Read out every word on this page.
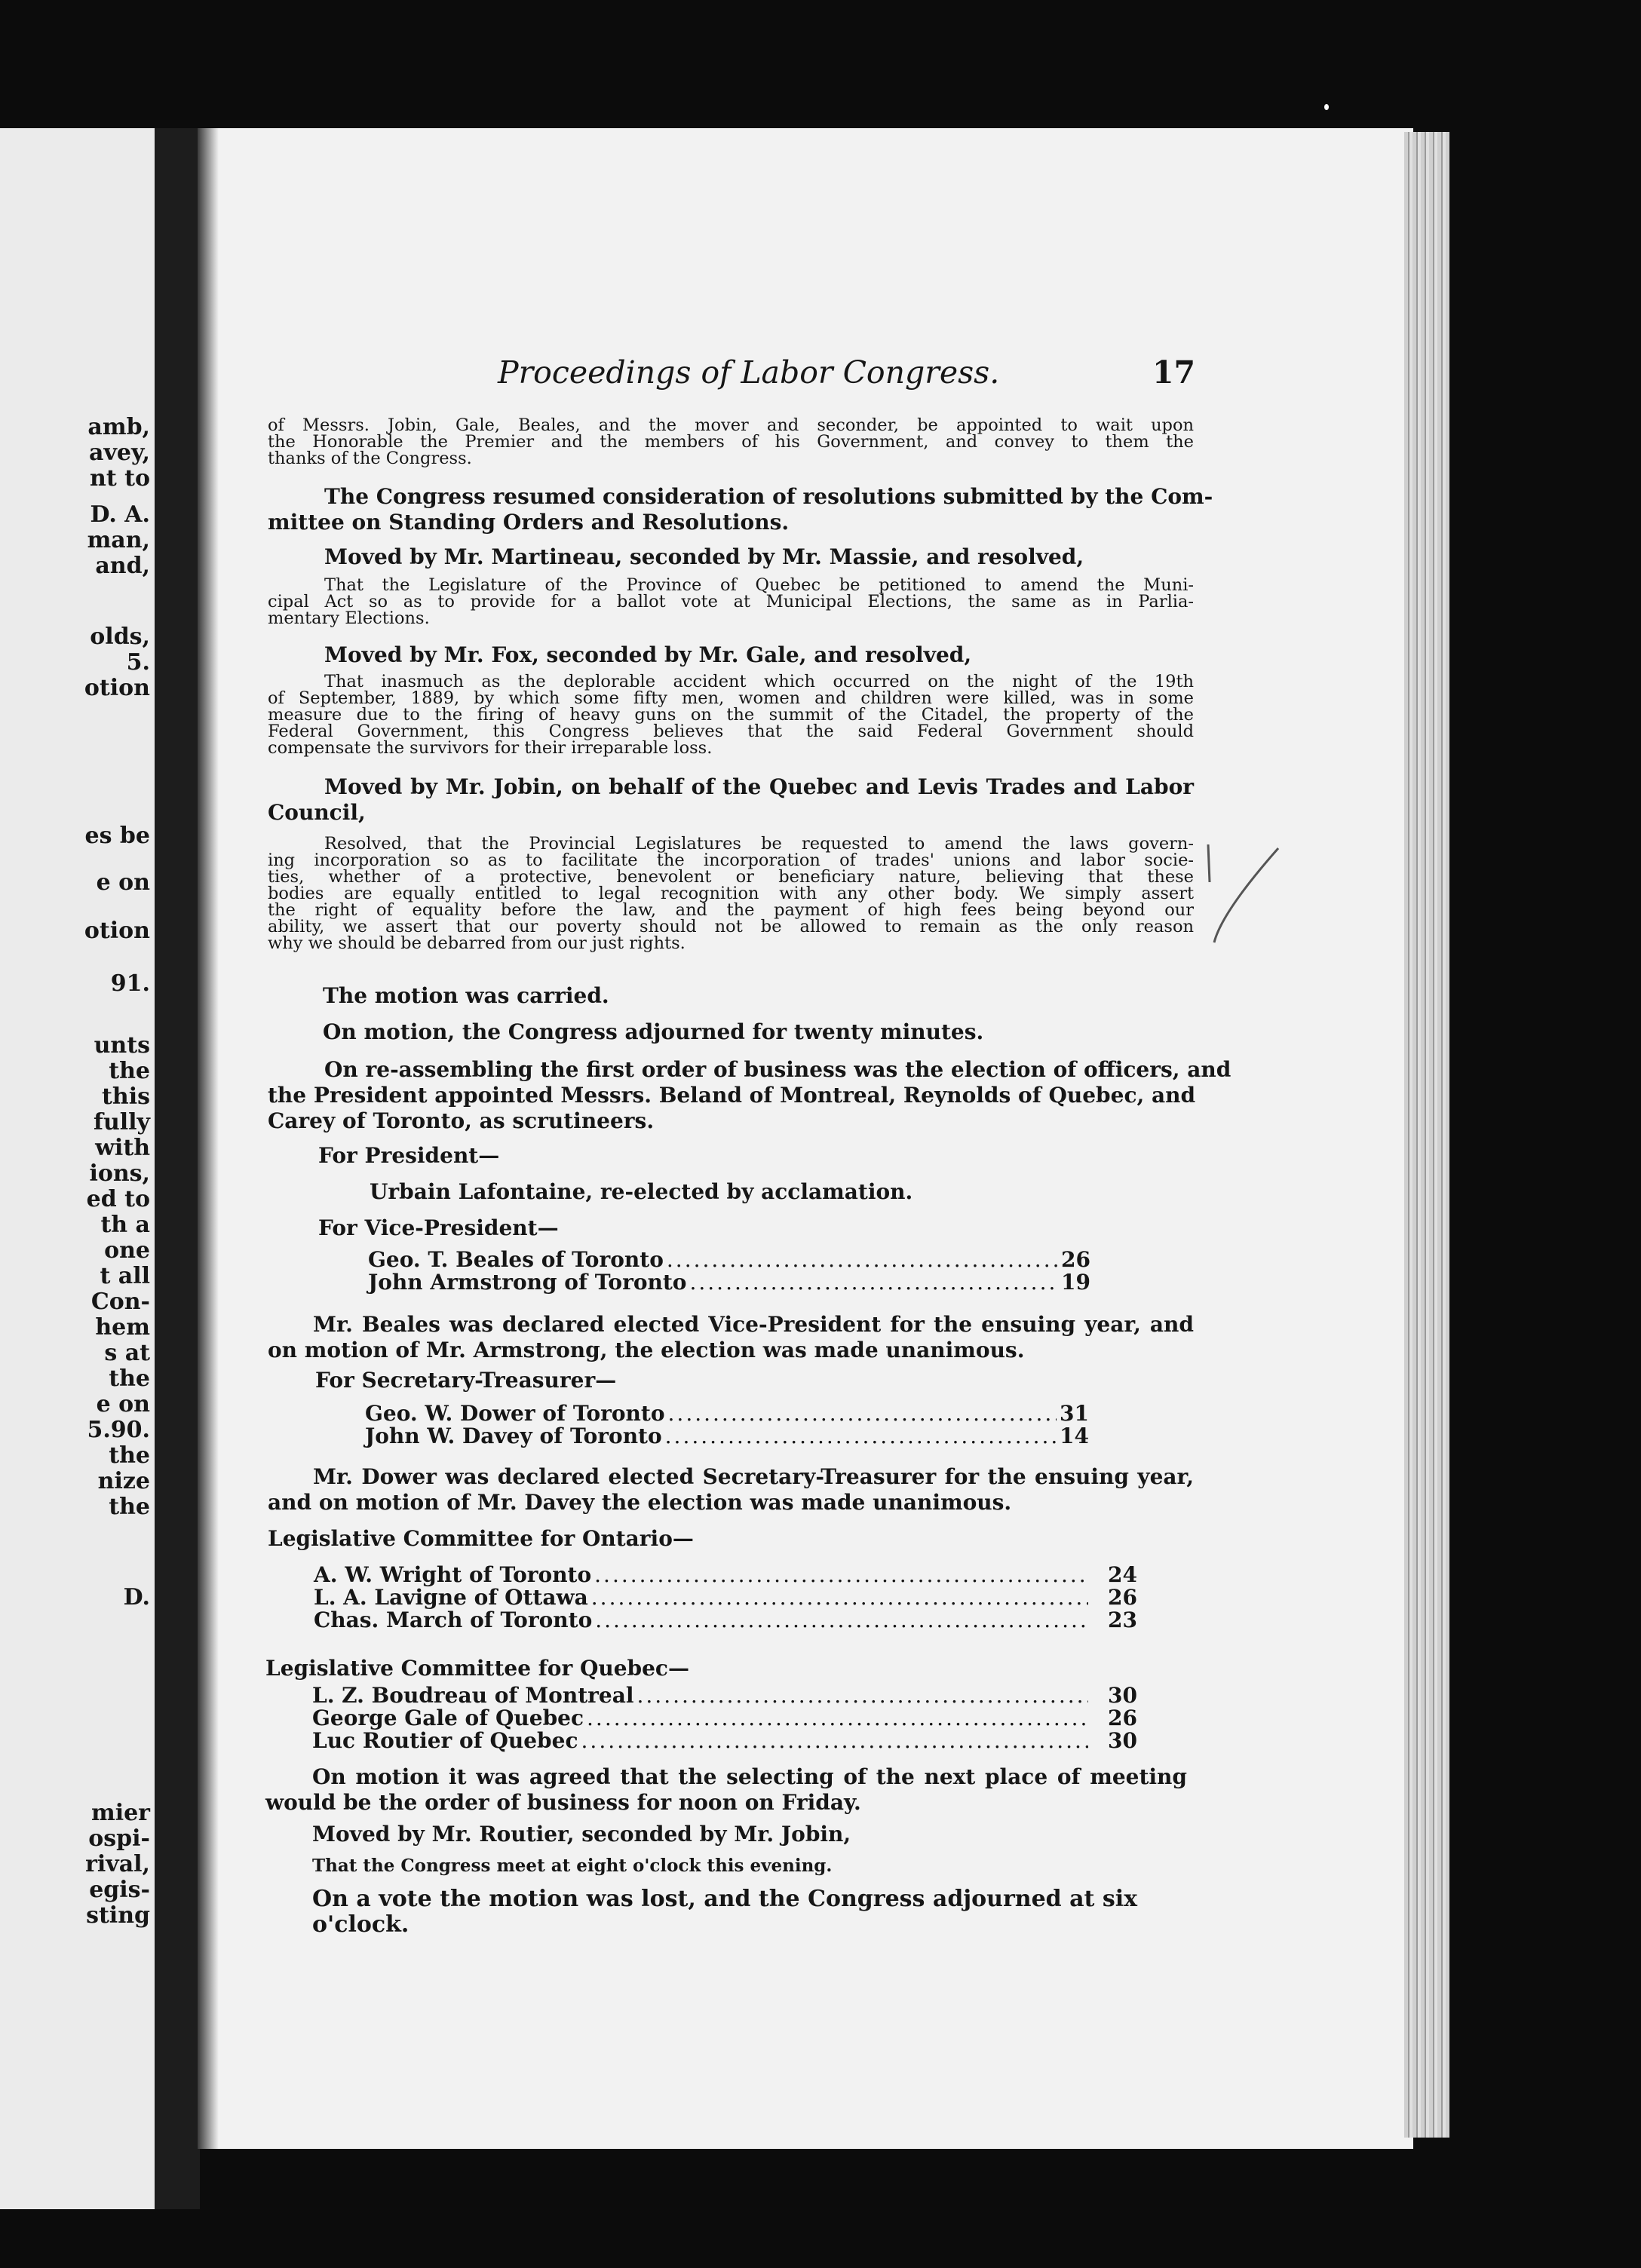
amb,
avey,
nt to
D. A.
man,
and,
olds,
5.
otion
es be
e on
otion
91.
unts
the
this
fully
with
ions,
ed to
th a
one
t all
Con-
hem
s at
the
e on
5.90.
the
nize
the
D.
mier
ospi-
rival,
egis-
sting
Proceedings of Labor Congress.	17
of Messrs. Jobin, Gale, Beales, and the mover and seconder, be appointed to wait upon
the Honorable the Premier and the members of his Government, and convey to them the
thanks of the Congress.
The Congress resumed consideration of resolutions submitted by the Com-
mittee on Standing Orders and Resolutions.
Moved by Mr. Martineau, seconded by Mr. Massie, and resolved,
That the Legislature of the Province of Quebec be petitioned to amend the Muni-
cipal Act so as to provide for a ballot vote at Municipal Elections, the same as in Parlia-
mentary Elections.
Moved by Mr. Fox, seconded by Mr. Gale, and resolved,
That inasmuch as the deplorable accident which occurred on the night of the 19th
of September, 1889, by which some fifty men, women and children were killed, was in some
measure due to the firing of heavy guns on the summit of the Citadel, the property of the
Federal Government, this Congress believes that the said Federal Government should
compensate the survivors for their irreparable loss.
Moved by Mr. Jobin, on behalf of the Quebec and Levis Trades and Labor
Council,
Resolved, that the Provincial Legislatures be requested to amend the laws govern-
ing incorporation so as to facilitate the incorporation of trades' unions and labor socie-
ties, whether of a protective, benevolent or beneficiary nature, believing that these
bodies are equally entitled to legal recognition with any other body. We simply assert
the right of equality before the law, and the payment of high fees being beyond our
ability, we assert that our poverty should not be allowed to remain as the only reason
why we should be debarred from our just rights.
The motion was carried.
On motion, the Congress adjourned for twenty minutes.
On re-assembling the first order of business was the election of officers, and
the President appointed Messrs. Beland of Montreal, Reynolds of Quebec, and
Carey of Toronto, as scrutineers.
For President—
Urbain Lafontaine, re-elected by acclamation.
For Vice-President—
Geo. T. Beales of Toronto .....	26
John Armstrong of Toronto .....	19
Mr. Beales was declared elected Vice-President for the ensuing year, and
on motion of Mr. Armstrong, the election was made unanimous.
For Secretary-Treasurer—
Geo. W. Dower of Toronto .....	31
John W. Davey of Toronto .....	14
Mr. Dower was declared elected Secretary-Treasurer for the ensuing year,
and on motion of Mr. Davey the election was made unanimous.
Legislative Committee for Ontario—
A. W. Wright of Toronto .....	24
L. A. Lavigne of Ottawa .....	26
Chas. March of Toronto .....	23
Legislative Committee for Quebec—
L. Z. Boudreau of Montreal .....	30
George Gale of Quebec .....	26
Luc Routier of Quebec .....	30
On motion it was agreed that the selecting of the next place of meeting
would be the order of business for noon on Friday.
Moved by Mr. Routier, seconded by Mr. Jobin,
That the Congress meet at eight o'clock this evening.
On a vote the motion was lost, and the Congress adjourned at six o'clock.
